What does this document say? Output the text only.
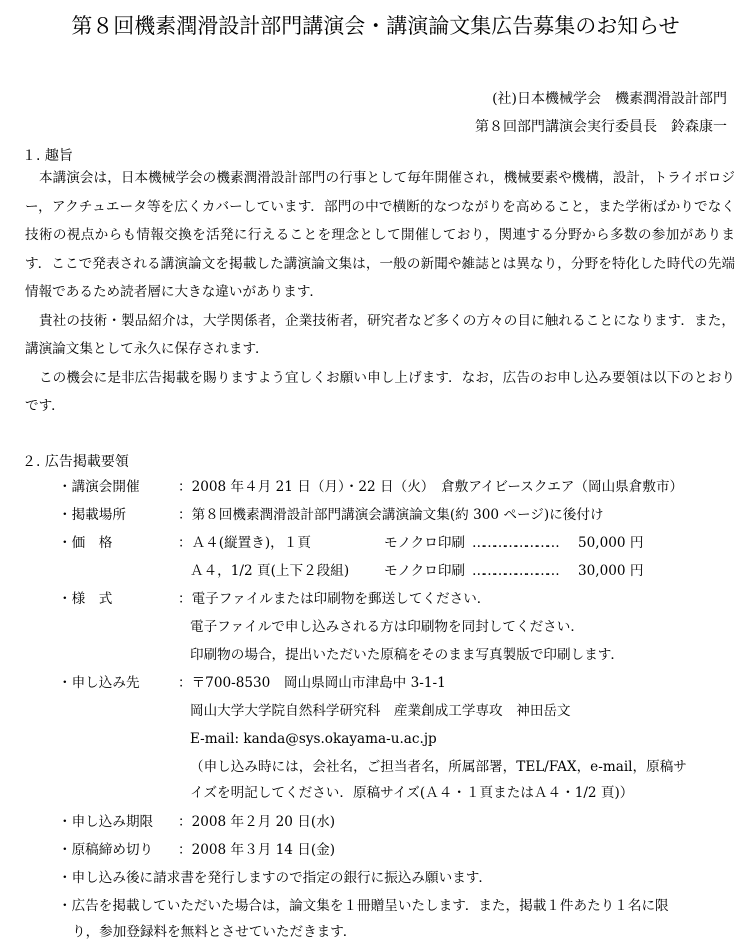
第８回機素潤滑設計部門講演会・講演論文集広告募集のお知らせ
(社)日本機械学会　機素潤滑設計部門
第８回部門講演会実行委員長　鈴森康一
１. 趣旨

本講演会は，日本機械学会の機素潤滑設計部門の行事として毎年開催され，機械要素や機構，設計，トライボロジー，アクチュエータ等を広くカバーしています．部門の中で横断的なつながりを高めること，また学術ばかりでなく技術の視点からも情報交換を活発に行えることを理念として開催しており，関連する分野から多数の参加があります．ここで発表される講演論文を掲載した講演論文集は，一般の新聞や雑誌とは異なり，分野を特化した時代の先端情報であるため読者層に大きな違いがあります．

貴社の技術・製品紹介は，大学関係者，企業技術者，研究者など多くの方々の目に触れることになります．また，講演論文集として永久に保存されます．

この機会に是非広告掲載を賜りますよう宜しくお願い申し上げます．なお，広告のお申し込み要領は以下のとおりです．

２. 広告掲載要領
・講演会開催	：2008 年４月 21 日（月）・22 日（火）　倉敷アイビースクエア（岡山県倉敷市）
・掲載場所	：第８回機素潤滑設計部門講演会講演論文集(約 300 ページ)に後付け
・価　格	：Ａ４(縦置き)，１頁	モノクロ印刷 …………………… 50,000 円
Ａ４，1/2 頁(上下２段組)	モノクロ印刷 …………………… 30,000 円
・様　式	：電子ファイルまたは印刷物を郵送してください．
電子ファイルで申し込みされる方は印刷物を同封してください．
印刷物の場合，提出いただいた原稿をそのまま写真製版で印刷します．
・申し込み先	：〒700-8530　岡山県岡山市津島中 3-1-1
岡山大学大学院自然科学研究科　産業創成工学専攻　神田岳文
E-mail: kanda@sys.okayama-u.ac.jp
（申し込み時には，会社名，ご担当者名，所属部署，TEL/FAX，e-mail，原稿サ
イズを明記してください．原稿サイズ(Ａ４・１頁またはＡ４・1/2 頁)）
・申し込み期限 ：2008 年２月 20 日(水)
・原稿締め切り ：2008 年３月 14 日(金)
・申し込み後に請求書を発行しますので指定の銀行に振込み願います．
・広告を掲載していただいた場合は，論文集を１冊贈呈いたします．また，掲載１件あたり１名に限
り，参加登録料を無料とさせていただきます．
